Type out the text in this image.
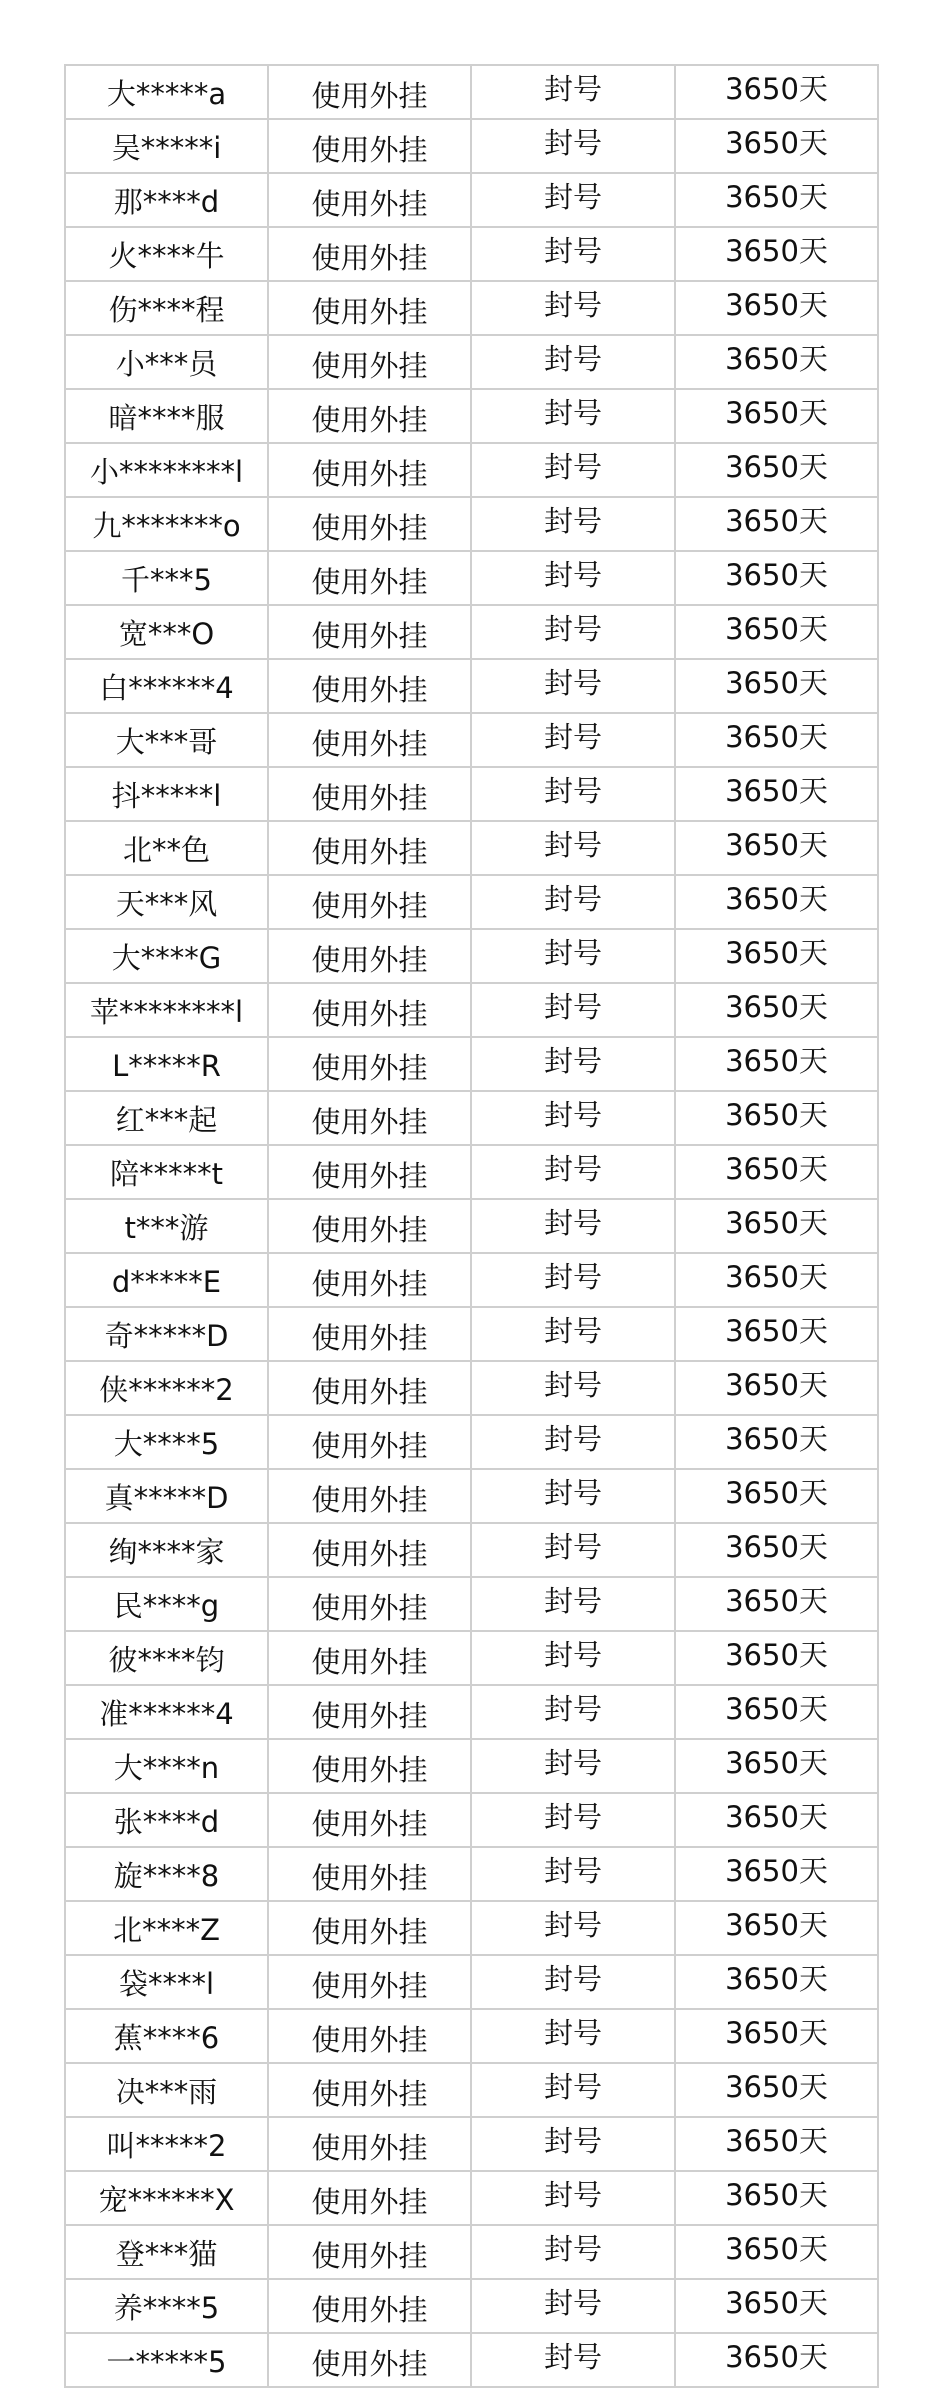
大*****a	使用外挂	封号	3650天
吴*****i	使用外挂	封号	3650天
那****d	使用外挂	封号	3650天
火****牛	使用外挂	封号	3650天
伤****程	使用外挂	封号	3650天
小***员	使用外挂	封号	3650天
暗****服	使用外挂	封号	3650天
小********l	使用外挂	封号	3650天
九*******o	使用外挂	封号	3650天
千***5	使用外挂	封号	3650天
宽***O	使用外挂	封号	3650天
白******4	使用外挂	封号	3650天
大***哥	使用外挂	封号	3650天
抖*****l	使用外挂	封号	3650天
北**色	使用外挂	封号	3650天
天***风	使用外挂	封号	3650天
大****G	使用外挂	封号	3650天
苹********l	使用外挂	封号	3650天
L*****R	使用外挂	封号	3650天
红***起	使用外挂	封号	3650天
陪*****t	使用外挂	封号	3650天
t***游	使用外挂	封号	3650天
d*****E	使用外挂	封号	3650天
奇*****D	使用外挂	封号	3650天
侠******2	使用外挂	封号	3650天
大****5	使用外挂	封号	3650天
真*****D	使用外挂	封号	3650天
绚****家	使用外挂	封号	3650天
民****g	使用外挂	封号	3650天
彼****钧	使用外挂	封号	3650天
准******4	使用外挂	封号	3650天
大****n	使用外挂	封号	3650天
张****d	使用外挂	封号	3650天
旋****8	使用外挂	封号	3650天
北****Z	使用外挂	封号	3650天
袋****l	使用外挂	封号	3650天
蕉****6	使用外挂	封号	3650天
决***雨	使用外挂	封号	3650天
叫*****2	使用外挂	封号	3650天
宠******X	使用外挂	封号	3650天
登***猫	使用外挂	封号	3650天
养****5	使用外挂	封号	3650天
一*****5	使用外挂	封号	3650天
